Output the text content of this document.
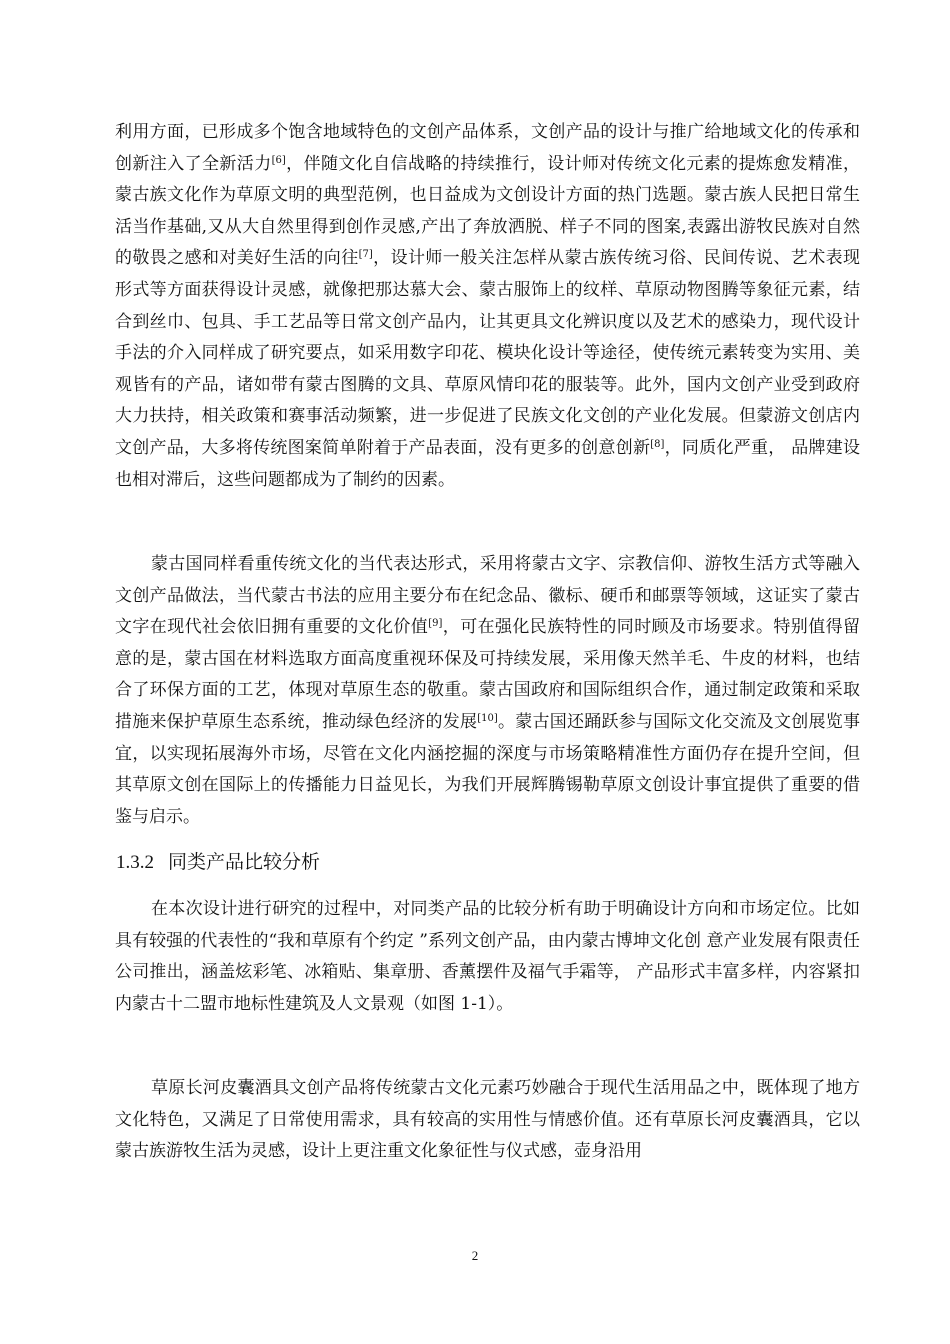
利用方面，已形成多个饱含地域特色的文创产品体系，文创产品的设计与推广给地域文化的传承和创新注入了全新活力[6]，伴随文化自信战略的持续推行，设计师对传统文化元素的提炼愈发精准，蒙古族文化作为草原文明的典型范例，也日益成为文创设计方面的热门选题。蒙古族人民把日常生活当作基础,又从大自然里得到创作灵感,产出了奔放洒脱、样子不同的图案,表露出游牧民族对自然的敬畏之感和对美好生活的向往[7]，设计师一般关注怎样从蒙古族传统习俗、民间传说、艺术表现形式等方面获得设计灵感，就像把那达慕大会、蒙古服饰上的纹样、草原动物图腾等象征元素，结合到丝巾、包具、手工艺品等日常文创产品内，让其更具文化辨识度以及艺术的感染力，现代设计手法的介入同样成了研究要点，如采用数字印花、模块化设计等途径，使传统元素转变为实用、美观皆有的产品，诸如带有蒙古图腾的文具、草原风情印花的服装等。此外，国内文创产业受到政府大力扶持，相关政策和赛事活动频繁，进一步促进了民族文化文创的产业化发展。但蒙游文创店内文创产品，大多将传统图案简单附着于产品表面，没有更多的创意创新[8]，同质化严重， 品牌建设也相对滞后，这些问题都成为了制约的因素。

蒙古国同样看重传统文化的当代表达形式，采用将蒙古文字、宗教信仰、游牧生活方式等融入文创产品做法，当代蒙古书法的应用主要分布在纪念品、徽标、硬币和邮票等领域，这证实了蒙古文字在现代社会依旧拥有重要的文化价值[9]，可在强化民族特性的同时顾及市场要求。特别值得留意的是，蒙古国在材料选取方面高度重视环保及可持续发展，采用像天然羊毛、牛皮的材料，也结合了环保方面的工艺，体现对草原生态的敬重。蒙古国政府和国际组织合作，通过制定政策和采取措施来保护草原生态系统，推动绿色经济的发展[10]。蒙古国还踊跃参与国际文化交流及文创展览事宜，以实现拓展海外市场，尽管在文化内涵挖掘的深度与市场策略精准性方面仍存在提升空间，但其草原文创在国际上的传播能力日益见长，为我们开展辉腾锡勒草原文创设计事宜提供了重要的借鉴与启示。

1.3.2 同类产品比较分析

在本次设计进行研究的过程中，对同类产品的比较分析有助于明确设计方向和市场定位。比如具有较强的代表性的“我和草原有个约定 ”系列文创产品，由内蒙古博坤文化创 意产业发展有限责任公司推出，涵盖炫彩笔、冰箱贴、集章册、香薰摆件及福气手霜等， 产品形式丰富多样，内容紧扣内蒙古十二盟市地标性建筑及人文景观（如图 1-1）。

草原长河皮囊酒具文创产品将传统蒙古文化元素巧妙融合于现代生活用品之中，既体现了地方文化特色，又满足了日常使用需求，具有较高的实用性与情感价值。还有草原长河皮囊酒具，它以蒙古族游牧生活为灵感，设计上更注重文化象征性与仪式感，壶身沿用

2
